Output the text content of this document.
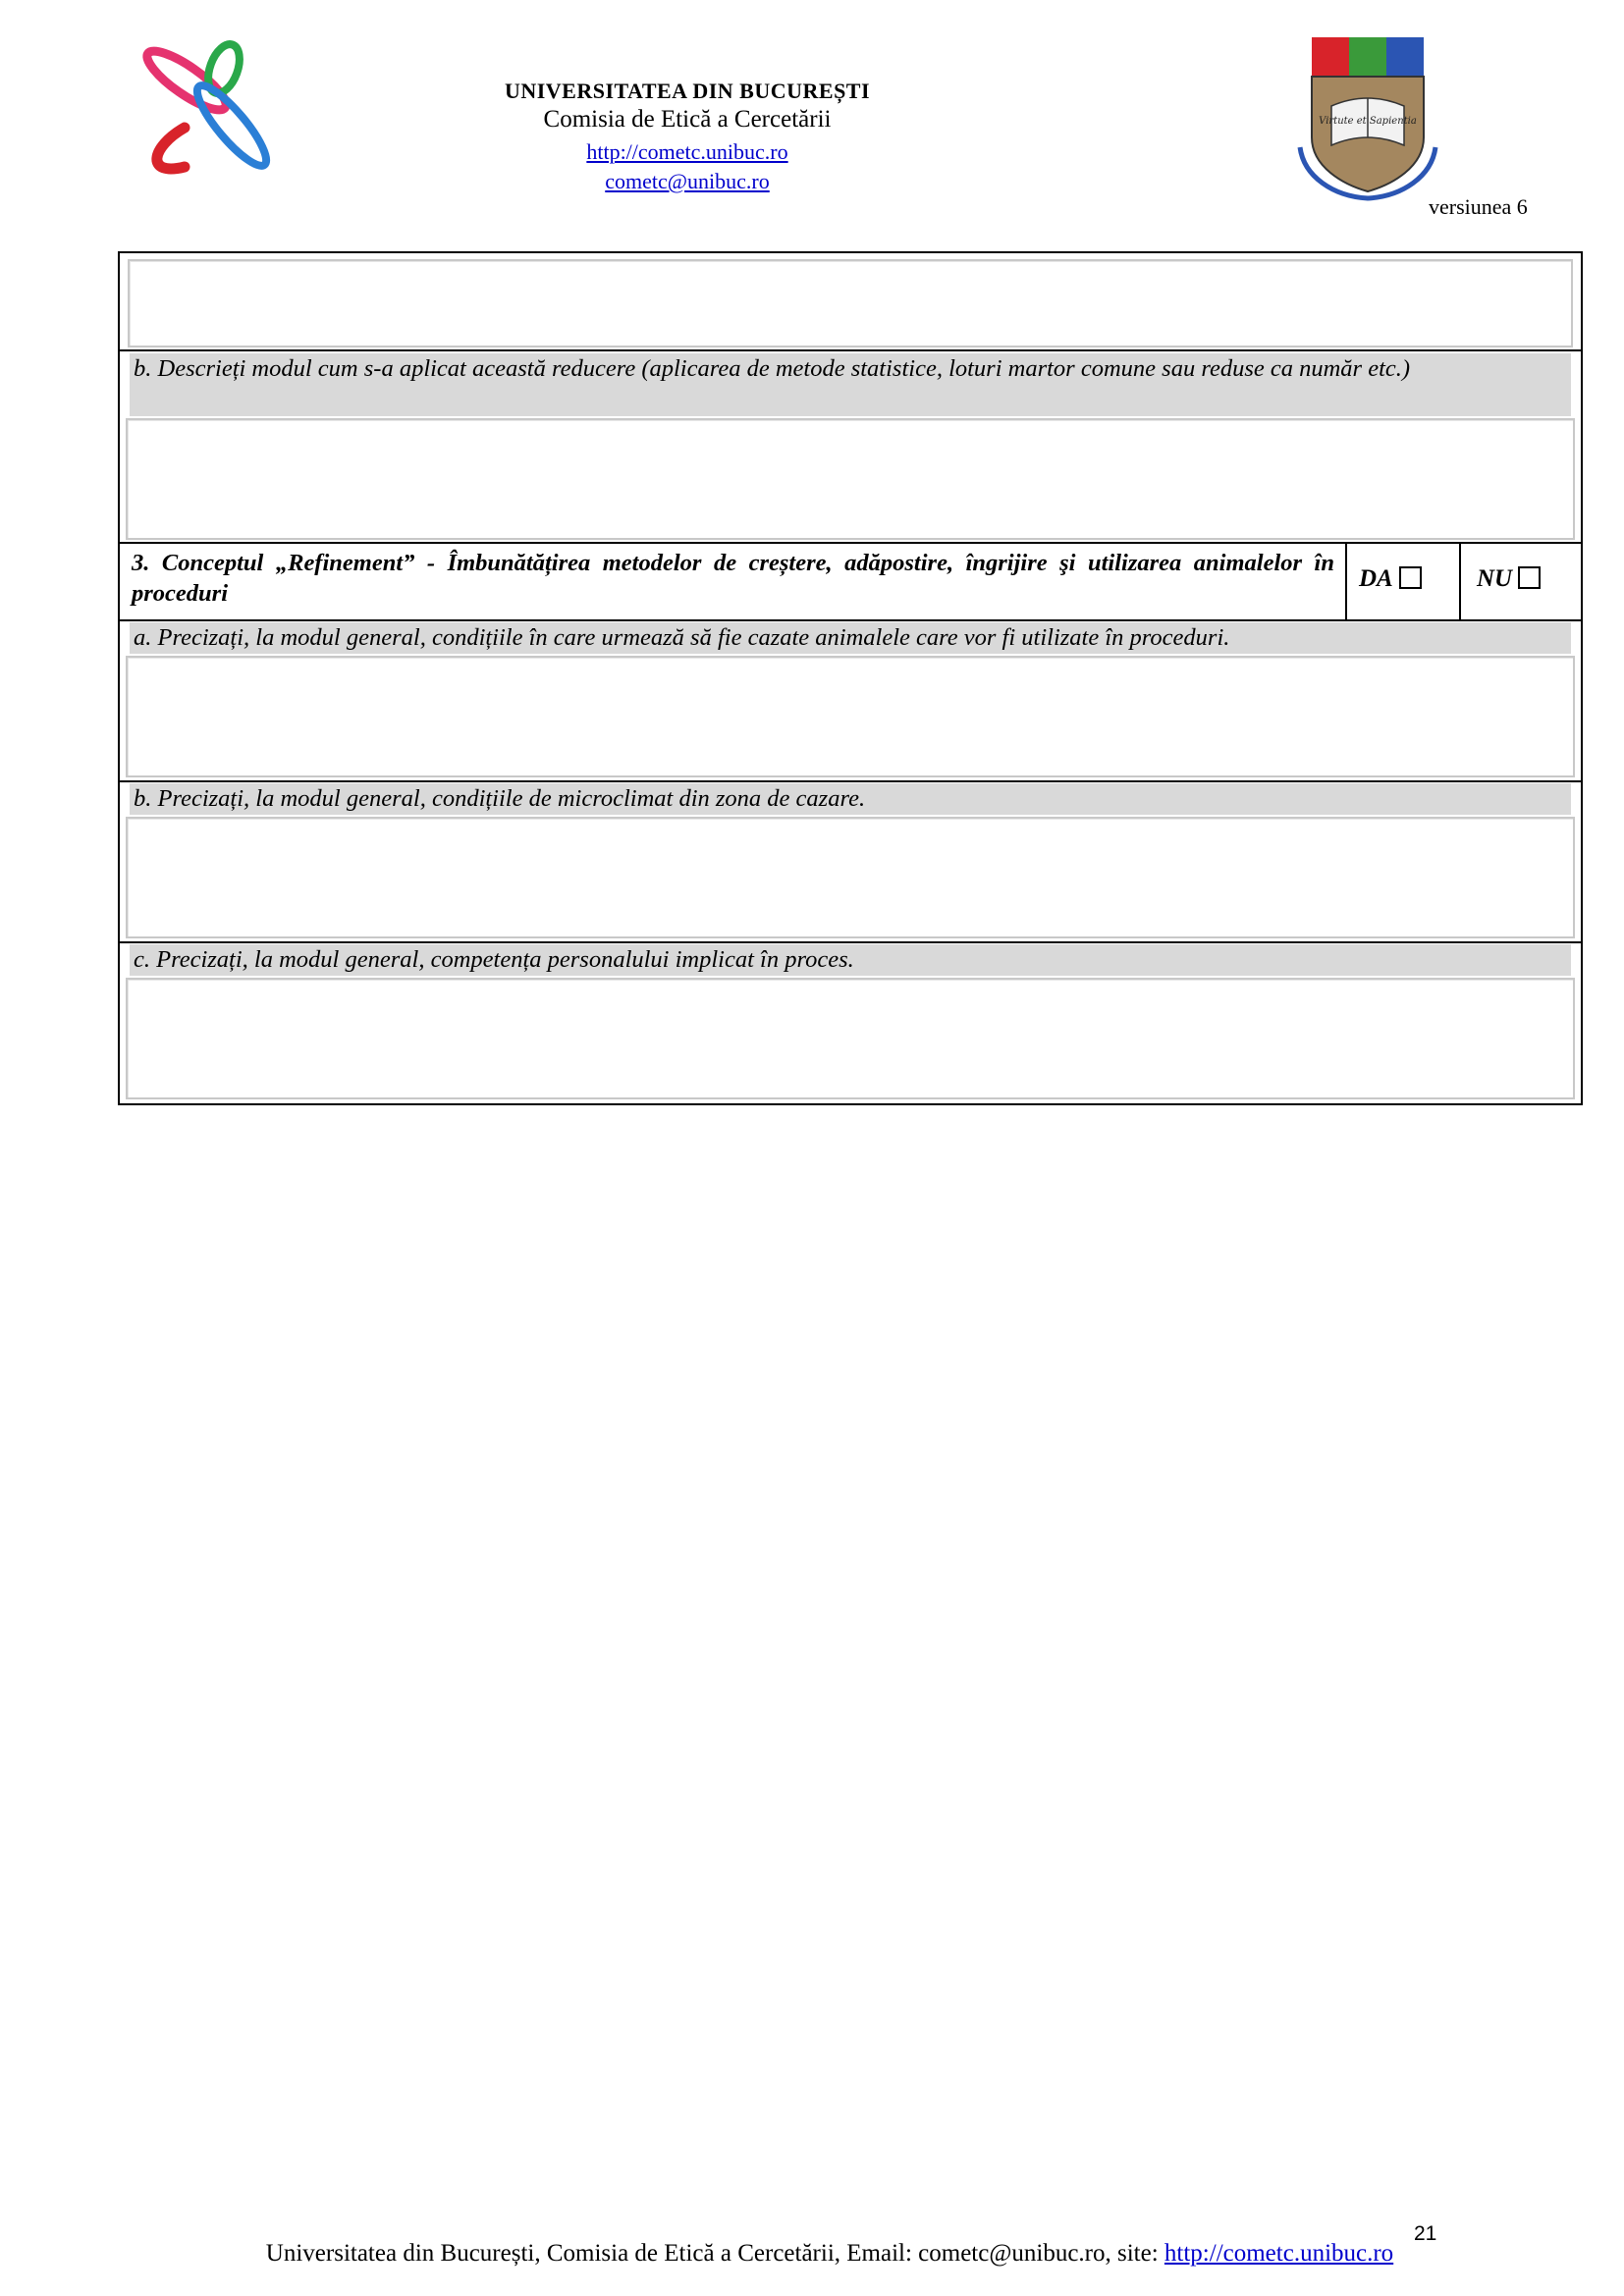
UNIVERSITATEA DIN BUCUREȘTI
Comisia de Etică a Cercetării
http://cometc.unibuc.ro
cometc@unibuc.ro
Virtute et Sapientia
versiunea 6
b. Descrieți modul cum s-a aplicat această reducere (aplicarea de metode statistice, loturi martor comune sau reduse ca număr etc.)
3. Conceptul „Refinement” - Îmbunătățirea metodelor de creștere, adăpostire, îngrijire şi utilizarea animalelor în proceduri
DA	NU
a. Precizați, la modul general, condițiile în care urmează să fie cazate animalele care vor fi utilizate în proceduri.
b. Precizați, la modul general, condițiile de microclimat din zona de cazare.
c. Precizați, la modul general, competența personalului implicat în proces.
21
Universitatea din București, Comisia de Etică a Cercetării, Email: cometc@unibuc.ro, site: http://cometc.unibuc.ro
